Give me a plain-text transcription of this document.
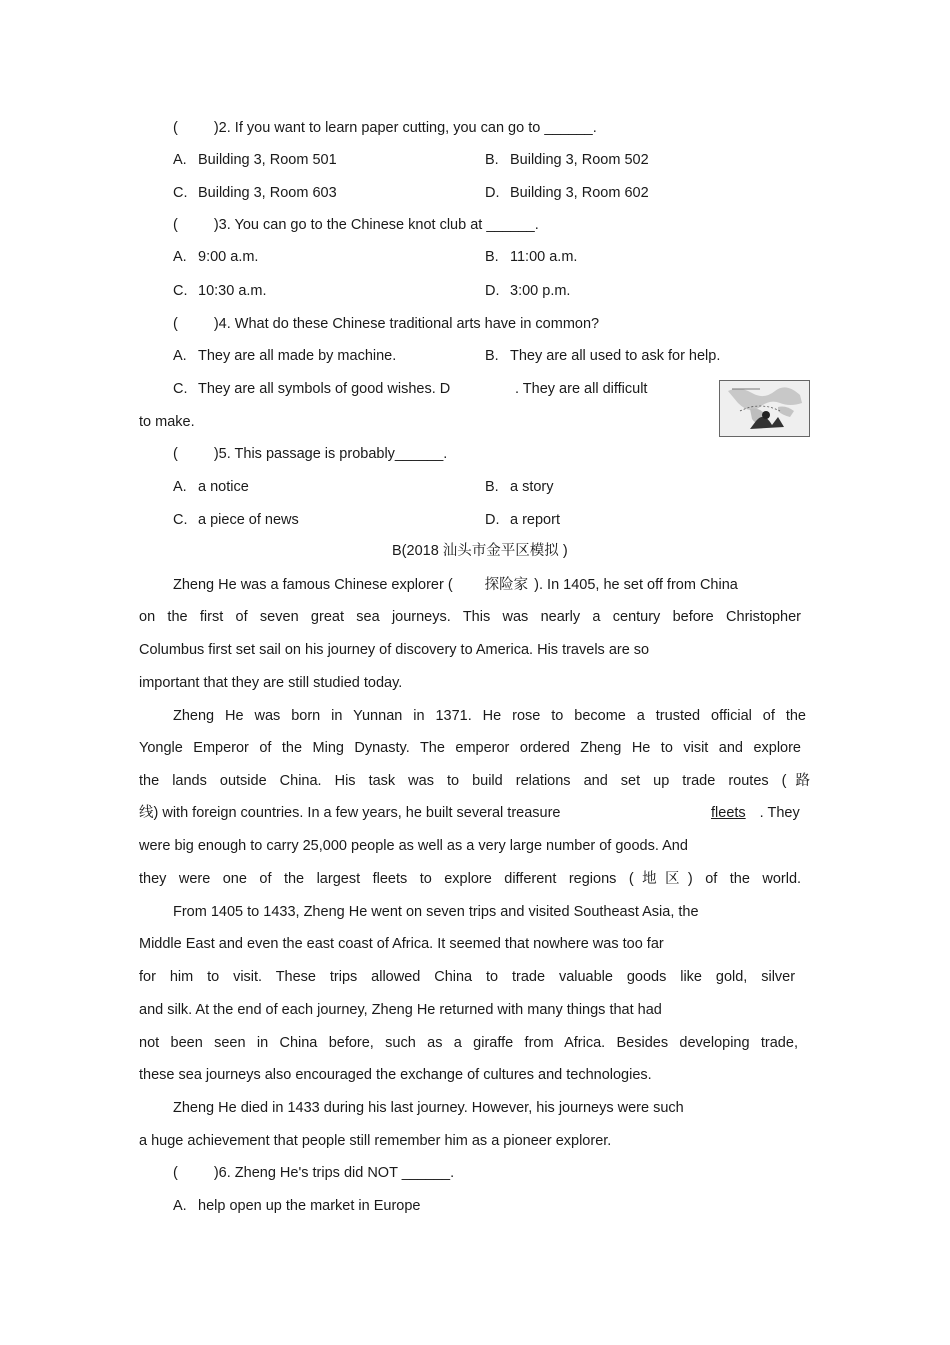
( )2. If you want to learn paper cutting, you can go to ______.
A. Building 3, Room 501	B. Building 3, Room 502
C. Building 3, Room 603	D. Building 3, Room 602
( )3. You can go to the Chinese knot club at ______.
A. 9:00 a.m.	B. 11:00 a.m.
C. 10:30 a.m.	D. 3:00 p.m.
( )4. What do these Chinese traditional arts have in common?
A. They are all made by machine.	B. They are all used to ask for help.
C. They are all symbols of good wishes. D	. They are all difficult
to make.
( )5. This passage is probably______.
A. a notice	B. a story
C. a piece of news	D. a report
B(2018 汕头市金平区模拟 )
Zheng He was a famous Chinese explorer ( 探险家 ). In 1405, he set off from China
on the first of seven great sea journeys. This was nearly a century before Christopher
Columbus first set sail on his journey of discovery to America. His travels are so
important that they are still studied today.
Zheng He was born in Yunnan in 1371. He rose to become a trusted official of the
Yongle Emperor of the Ming Dynasty. The emperor ordered Zheng He to visit and explore
the lands outside China. His task was to build relations and set up trade routes (路
线) with foreign countries. In a few years, he built several treasure	fleets . They
were big enough to carry 25,000 people as well as a very large number of goods. And
they were one of the largest fleets to explore different regions (地区) of the world.
From 1405 to 1433, Zheng He went on seven trips and visited Southeast Asia, the
Middle East and even the east coast of Africa. It seemed that nowhere was too far
for him to visit. These trips allowed China to trade valuable goods like gold, silver
and silk. At the end of each journey, Zheng He returned with many things that had
not been seen in China before, such as a giraffe from Africa. Besides developing trade,
these sea journeys also encouraged the exchange of cultures and technologies.
Zheng He died in 1433 during his last journey. However, his journeys were such
a huge achievement that people still remember him as a pioneer explorer.
( )6. Zheng He's trips did NOT ______.
A. help open up the market in Europe
